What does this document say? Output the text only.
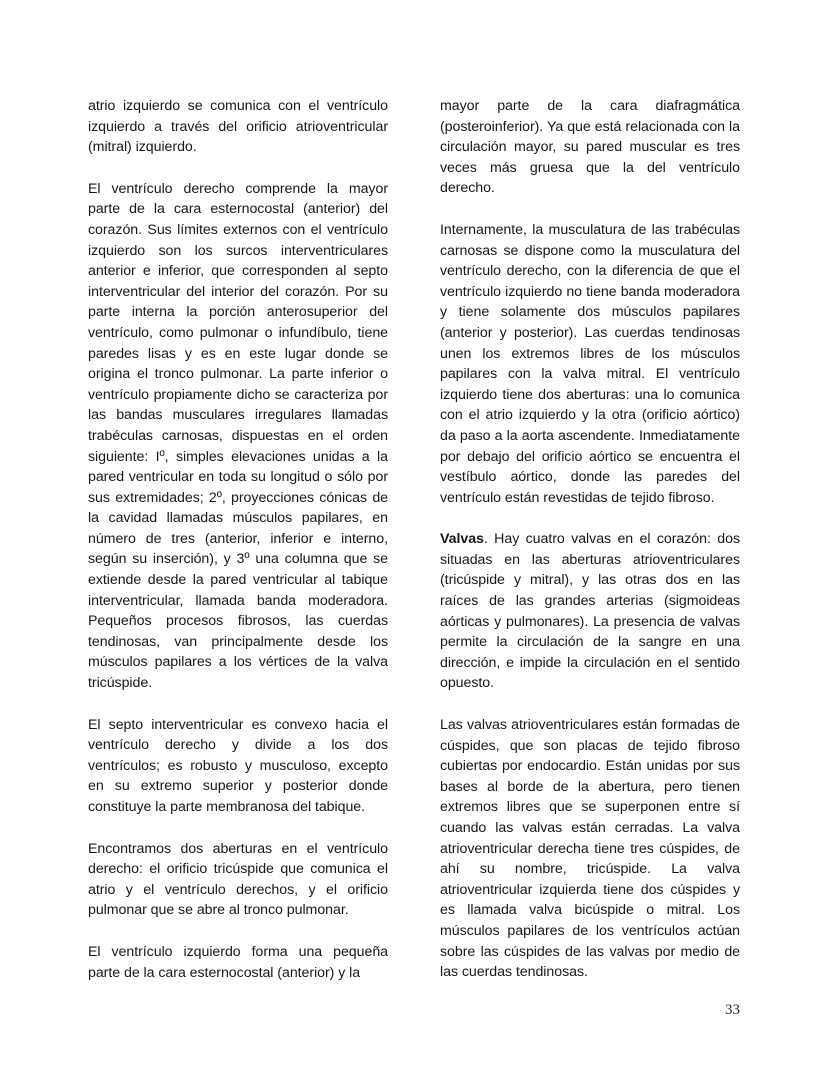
atrio izquierdo se comunica con el ventrículo izquierdo a través del orificio atrioventricular (mitral) izquierdo.

El ventrículo derecho comprende la mayor parte de la cara esternocostal (anterior) del corazón. Sus límites externos con el ventrículo izquierdo son los surcos interventriculares anterior e inferior, que corresponden al septo interventricular del interior del corazón. Por su parte interna la porción anterosuperior del ventrículo, como pulmonar o infundíbulo, tiene paredes lisas y es en este lugar donde se origina el tronco pulmonar. La parte inferior o ventrículo propiamente dicho se caracteriza por las bandas musculares irregulares llamadas trabéculas carnosas, dispuestas en el orden siguiente: Iº, simples elevaciones unidas a la pared ventricular en toda su longitud o sólo por sus extremidades; 2º, proyecciones cónicas de la cavidad llamadas músculos papilares, en número de tres (anterior, inferior e interno, según su inserción), y 3º una columna que se extiende desde la pared ventricular al tabique interventricular, llamada banda moderadora. Pequeños procesos fibrosos, las cuerdas tendinosas, van principalmente desde los músculos papilares a los vértices de la valva tricúspide.

El septo interventricular es convexo hacia el ventrículo derecho y divide a los dos ventrículos; es robusto y musculoso, excepto en su extremo superior y posterior donde constituye la parte membranosa del tabique.

Encontramos dos aberturas en el ventrículo derecho: el orificio tricúspide que comunica el atrio y el ventrículo derechos, y el orificio pulmonar que se abre al tronco pulmonar.

El ventrículo izquierdo forma una pequeña parte de la cara esternocostal (anterior) y la

mayor parte de la cara diafragmática (posteroinferior). Ya que está relacionada con la circulación mayor, su pared muscular es tres veces más gruesa que la del ventrículo derecho.

Internamente, la musculatura de las trabéculas carnosas se dispone como la musculatura del ventrículo derecho, con la diferencia de que el ventrículo izquierdo no tiene banda moderadora y tiene solamente dos músculos papilares (anterior y posterior). Las cuerdas tendinosas unen los extremos libres de los músculos papilares con la valva mitral. El ventrículo izquierdo tiene dos aberturas: una lo comunica con el atrio izquierdo y la otra (orificio aórtico) da paso a la aorta ascendente. Inmediatamente por debajo del orificio aórtico se encuentra el vestíbulo aórtico, donde las paredes del ventrículo están revestidas de tejido fibroso.

Valvas. Hay cuatro valvas en el corazón: dos situadas en las aberturas atrioventriculares (tricúspide y mitral), y las otras dos en las raíces de las grandes arterias (sigmoideas aórticas y pulmonares). La presencia de valvas permite la circulación de la sangre en una dirección, e impide la circulación en el sentido opuesto.

Las valvas atrioventriculares están formadas de cúspides, que son placas de tejido fibroso cubiertas por endocardio. Están unidas por sus bases al borde de la abertura, pero tienen extremos libres que se superponen entre sí cuando las valvas están cerradas. La valva atrioventricular derecha tiene tres cúspides, de ahí su nombre, tricúspide. La valva atrioventricular izquierda tiene dos cúspides y es llamada valva bicúspide o mitral. Los músculos papilares de los ventrículos actúan sobre las cúspides de las valvas por medio de las cuerdas tendinosas.

33
